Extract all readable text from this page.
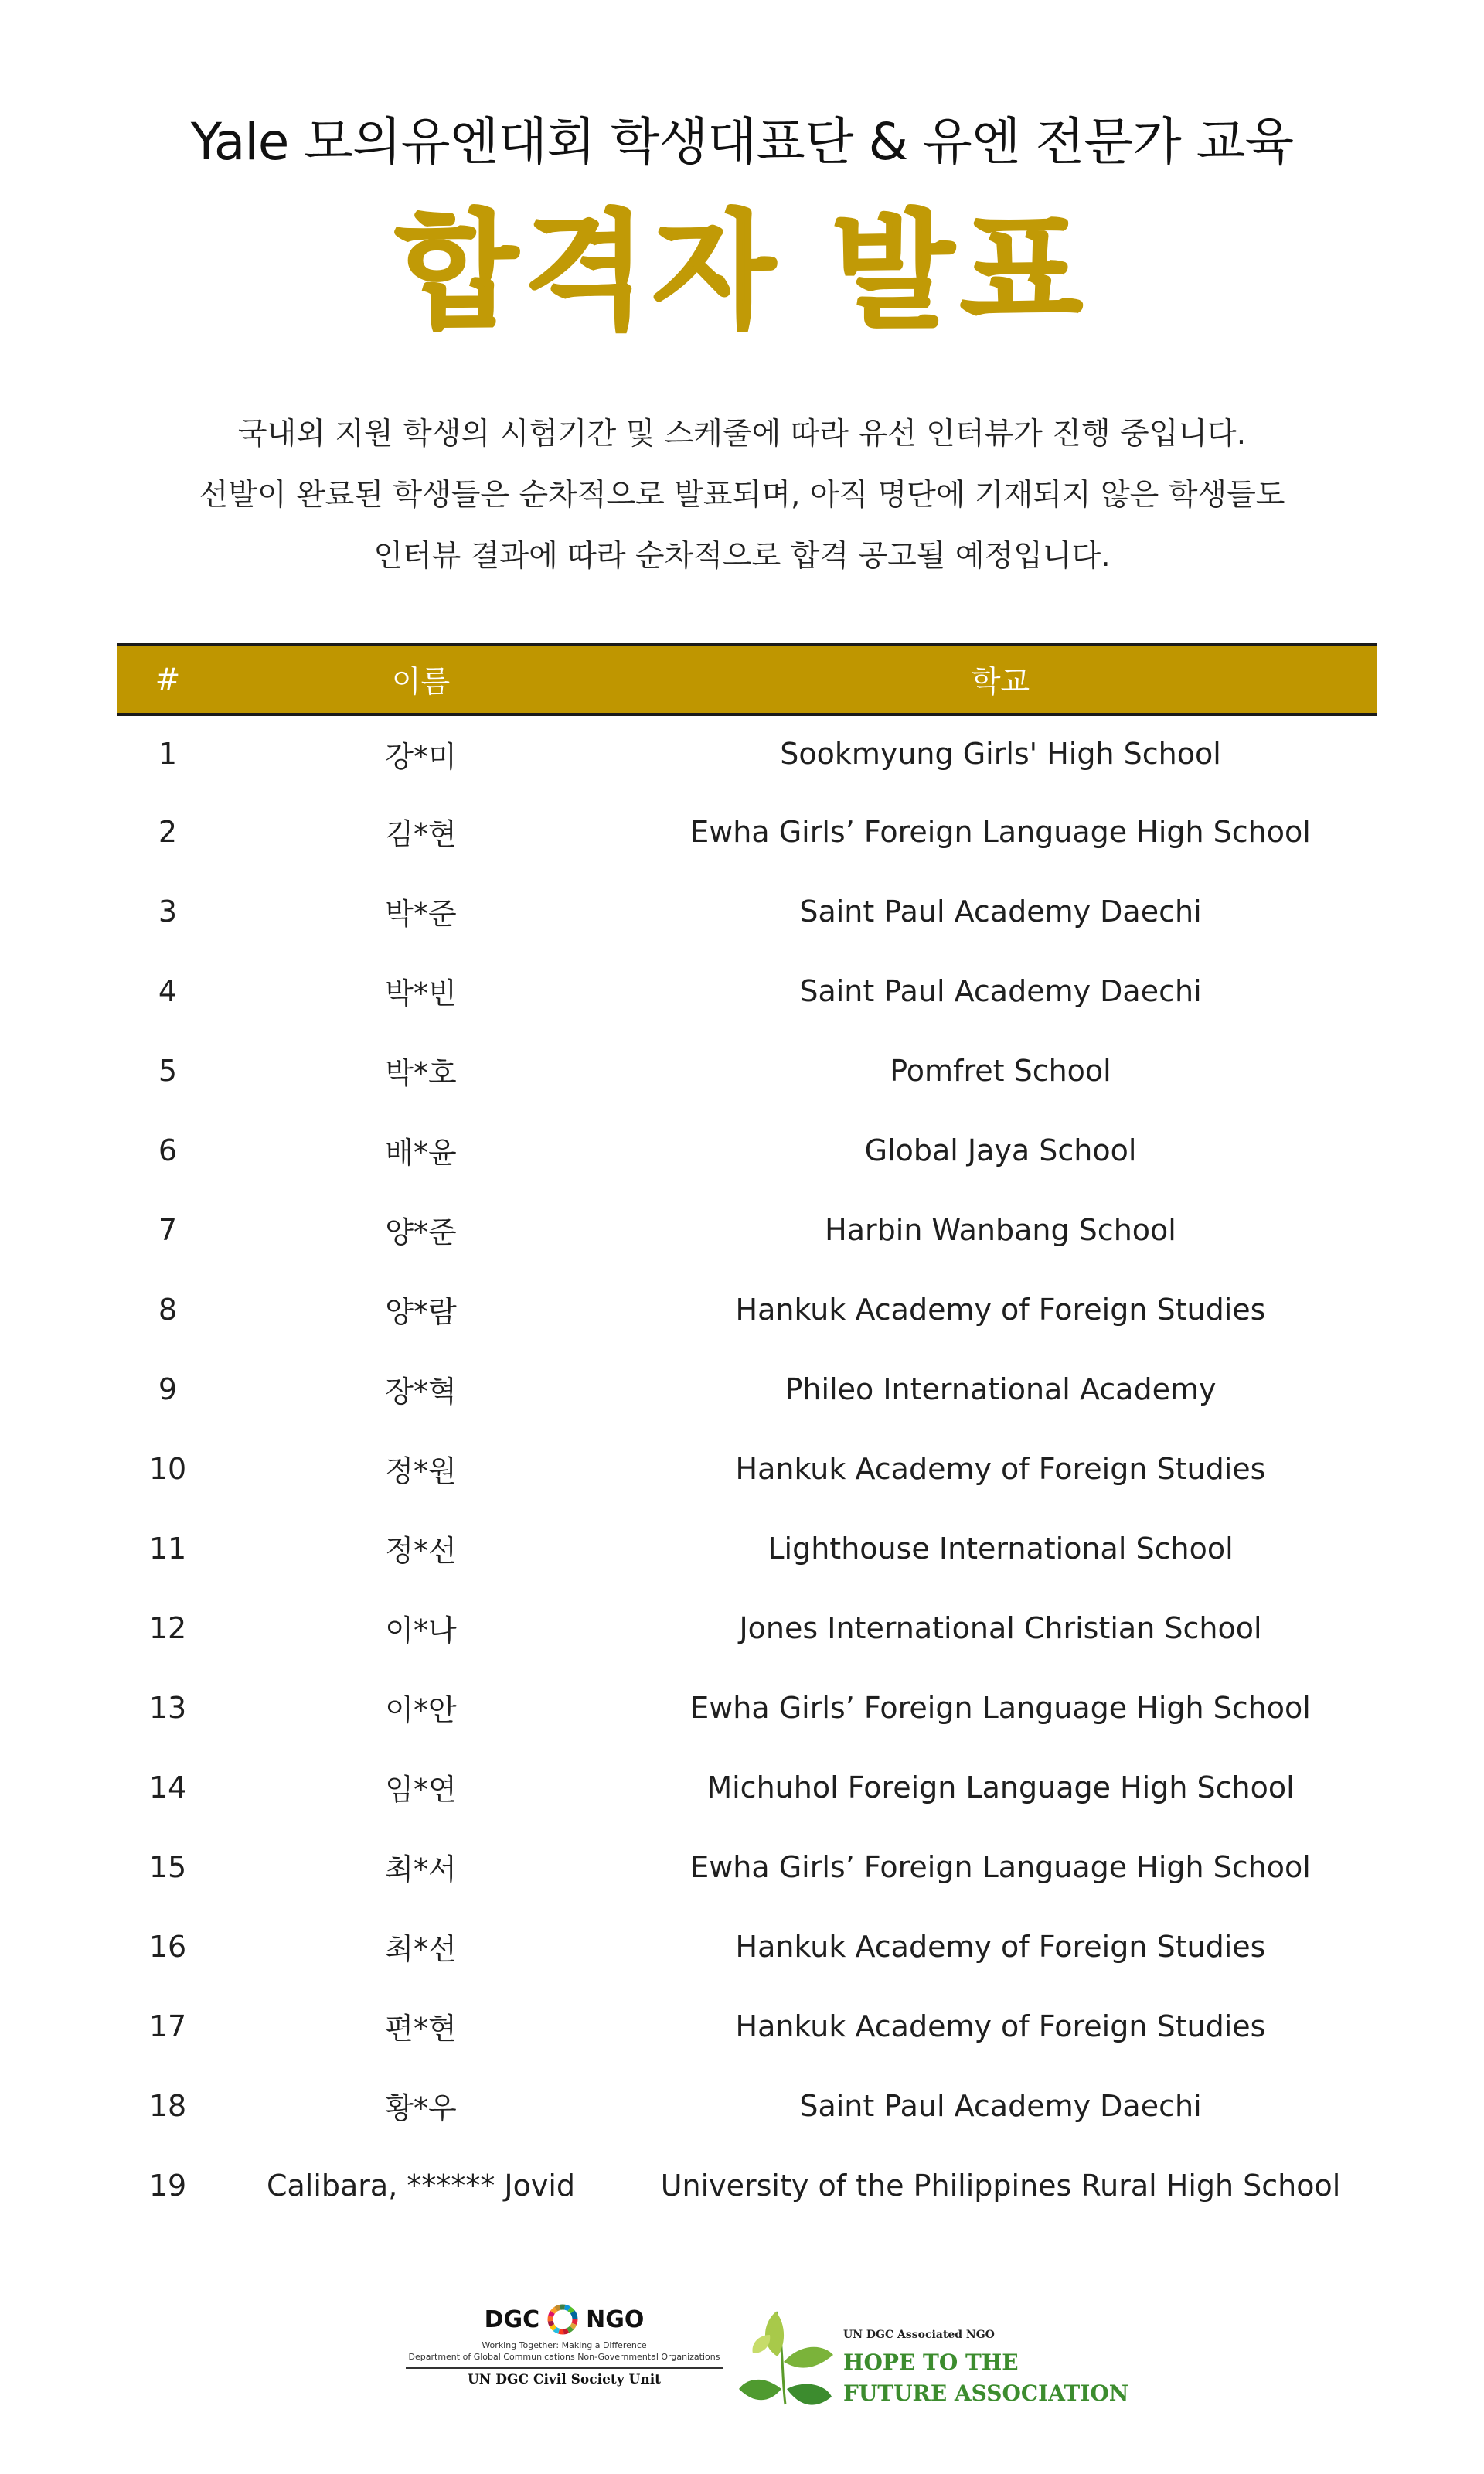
Yale 모의유엔대회 학생대표단 & 유엔 전문가 교육
합격자 발표
국내외 지원 학생의 시험기간 및 스케줄에 따라 유선 인터뷰가 진행 중입니다.
선발이 완료된 학생들은 순차적으로 발표되며, 아직 명단에 기재되지 않은 학생들도
인터뷰 결과에 따라 순차적으로 합격 공고될 예정입니다.
#	이름	학교
1	강*미	Sookmyung Girls' High School
2	김*현	Ewha Girls’ Foreign Language High School
3	박*준	Saint Paul Academy Daechi
4	박*빈	Saint Paul Academy Daechi
5	박*호	Pomfret School
6	배*윤	Global Jaya School
7	양*준	Harbin Wanbang School
8	양*람	Hankuk Academy of Foreign Studies
9	장*혁	Phileo International Academy
10	정*원	Hankuk Academy of Foreign Studies
11	정*선	Lighthouse International School
12	이*나	Jones International Christian School
13	이*안	Ewha Girls’ Foreign Language High School
14	임*연	Michuhol Foreign Language High School
15	최*서	Ewha Girls’ Foreign Language High School
16	최*선	Hankuk Academy of Foreign Studies
17	편*현	Hankuk Academy of Foreign Studies
18	황*우	Saint Paul Academy Daechi
19	Calibara, ****** Jovid	University of the Philippines Rural High School
DGC NGO
Working Together: Making a Difference
Department of Global Communications Non-Governmental Organizations
UN DGC Civil Society Unit
UN DGC Associated NGO
HOPE TO THE
FUTURE ASSOCIATION
